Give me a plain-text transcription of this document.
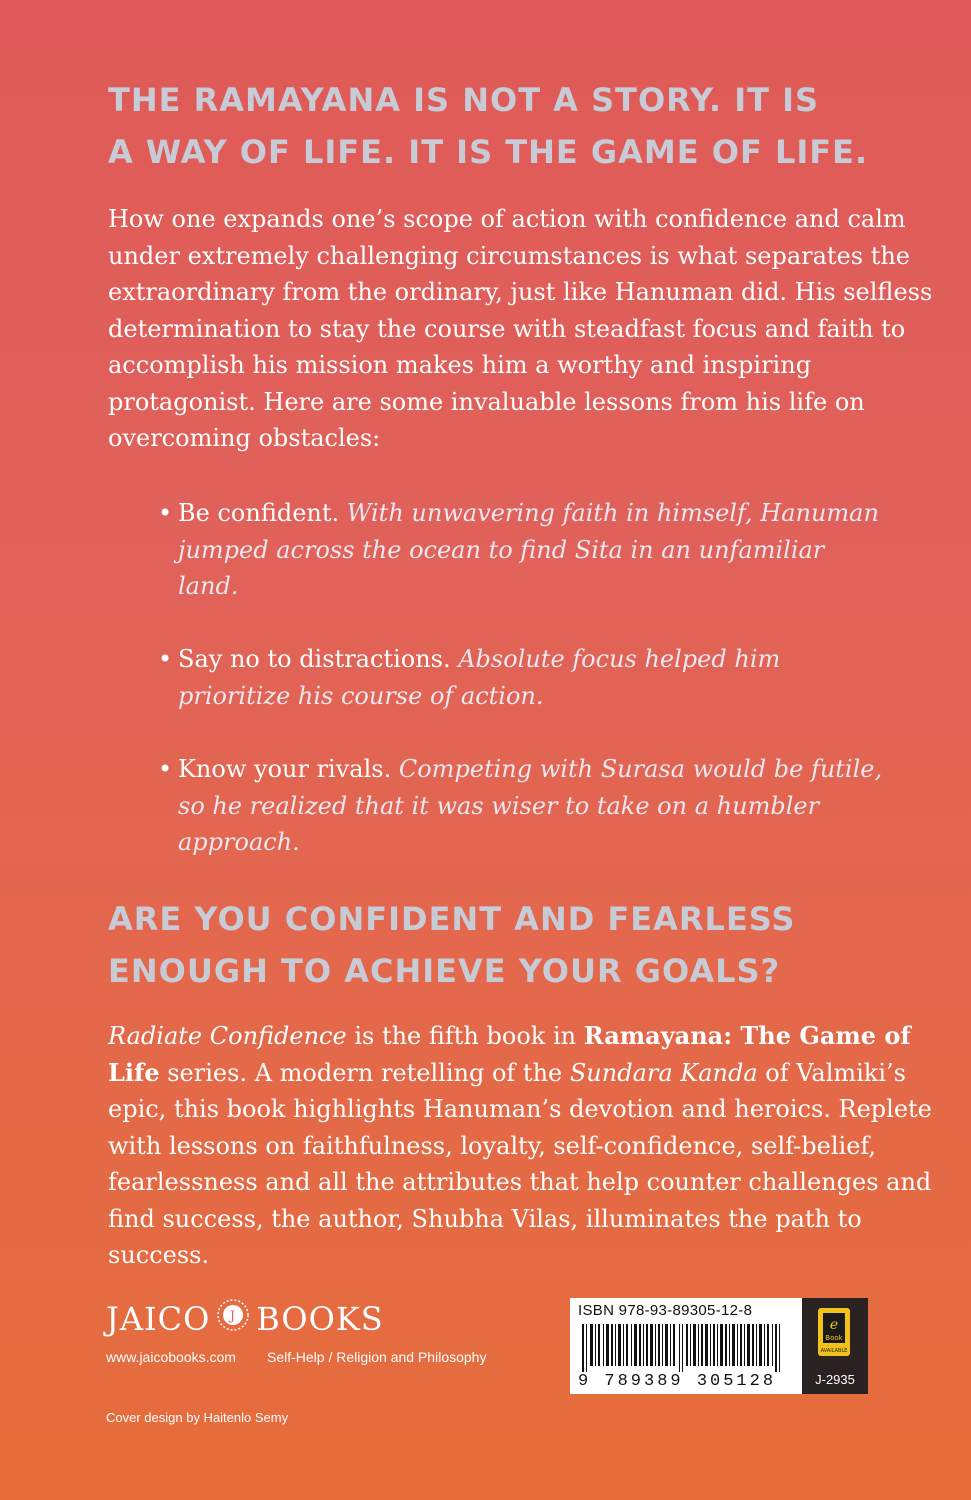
THE RAMAYANA IS NOT A STORY. IT IS
A WAY OF LIFE. IT IS THE GAME OF LIFE.

How one expands one’s scope of action with confidence and calm under extremely challenging circumstances is what separates the extraordinary from the ordinary, just like Hanuman did. His selfless determination to stay the course with steadfast focus and faith to accomplish his mission makes him a worthy and inspiring protagonist. Here are some invaluable lessons from his life on overcoming obstacles:

• Be confident. With unwavering faith in himself, Hanuman jumped across the ocean to find Sita in an unfamiliar land.
• Say no to distractions. Absolute focus helped him prioritize his course of action.
• Know your rivals. Competing with Surasa would be futile, so he realized that it was wiser to take on a humbler approach.
ARE YOU CONFIDENT AND FEARLESS
ENOUGH TO ACHIEVE YOUR GOALS?

Radiate Confidence is the fifth book in Ramayana: The Game of Life series. A modern retelling of the Sundara Kanda of Valmiki’s epic, this book highlights Hanuman’s devotion and heroics. Replete with lessons on faithfulness, loyalty, self-confidence, self-belief, fearlessness and all the attributes that help counter challenges and find success, the author, Shubha Vilas, illuminates the path to success.

JAICO J BOOKS
www.jaicobooks.com Self-Help / Religion and Philosophy
Cover design by Haitenlo Semy
ISBN 978-93-89305-12-8
9 789389 305128
e
Book
AVAILABLE
J-2935
